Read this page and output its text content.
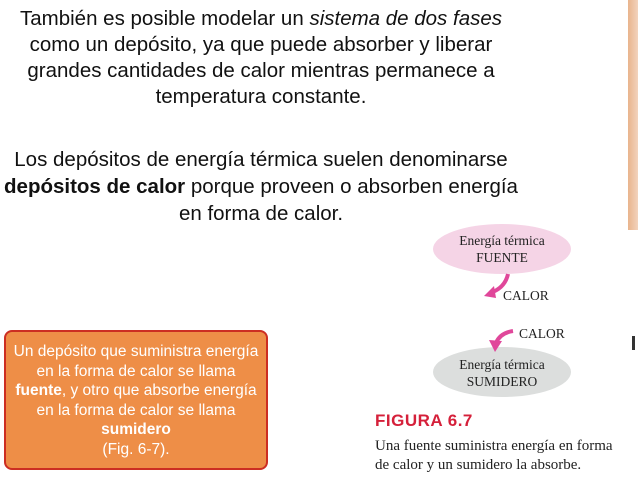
También es posible modelar un sistema de dos fases como un depósito, ya que puede absorber y liberar grandes cantidades de calor mientras permanece a temperatura constante.
Los depósitos de energía térmica suelen denominarse depósitos de calor porque proveen o absorben energía en forma de calor.
Un depósito que suministra energía en la forma de calor se llama fuente, y otro que absorbe energía en la forma de calor se llama sumidero
(Fig. 6-7).
Energía térmica
FUENTE
Energía térmica
SUMIDERO
CALOR
CALOR
FIGURA 6.7
Una fuente suministra energía en forma de calor y un sumidero la absorbe.
